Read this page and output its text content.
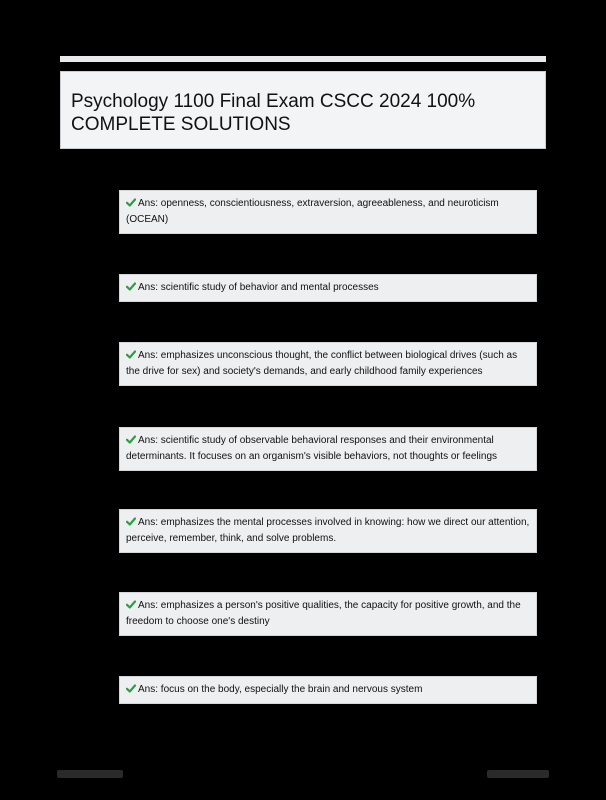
Psychology 1100 Final Exam CSCC 2024 100%
COMPLETE SOLUTIONS
Ans: openness, conscientiousness, extraversion, agreeableness, and neuroticism (OCEAN)
Ans: scientific study of behavior and mental processes
Ans: emphasizes unconscious thought, the conflict between biological drives (such as the drive for sex) and society's demands, and early childhood family experiences
Ans: scientific study of observable behavioral responses and their environmental determinants. It focuses on an organism's visible behaviors, not thoughts or feelings
Ans: emphasizes the mental processes involved in knowing: how we direct our attention, perceive, remember, think, and solve problems.
Ans: emphasizes a person's positive qualities, the capacity for positive growth, and the freedom to choose one's destiny
Ans: focus on the body, especially the brain and nervous system
